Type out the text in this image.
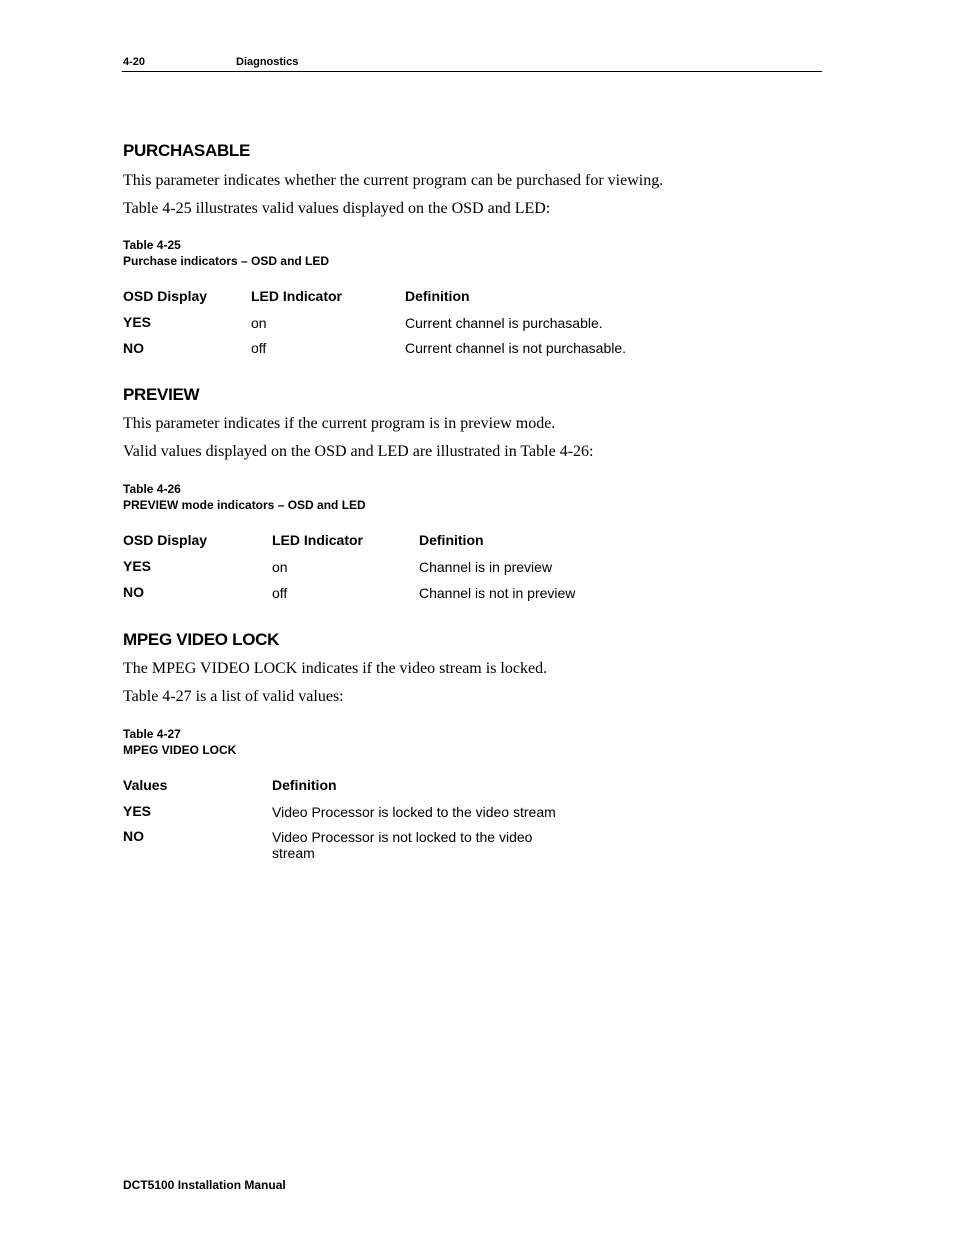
4-20	Diagnostics
PURCHASABLE
This parameter indicates whether the current program can be purchased for viewing.
Table 4-25 illustrates valid values displayed on the OSD and LED:
Table 4-25
Purchase indicators – OSD and LED
OSD Display	LED Indicator	Definition
YES	on	Current channel is purchasable.
NO	off	Current channel is not purchasable.
PREVIEW
This parameter indicates if the current program is in preview mode.
Valid values displayed on the OSD and LED are illustrated in Table 4-26:
Table 4-26
PREVIEW mode indicators – OSD and LED
OSD Display	LED Indicator	Definition
YES	on	Channel is in preview
NO	off	Channel is not in preview
MPEG VIDEO LOCK
The MPEG VIDEO LOCK indicates if the video stream is locked.
Table 4-27 is a list of valid values:
Table 4-27
MPEG VIDEO LOCK
Values	Definition
YES	Video Processor is locked to the video stream
NO	Video Processor is not locked to the video stream
DCT5100 Installation Manual
